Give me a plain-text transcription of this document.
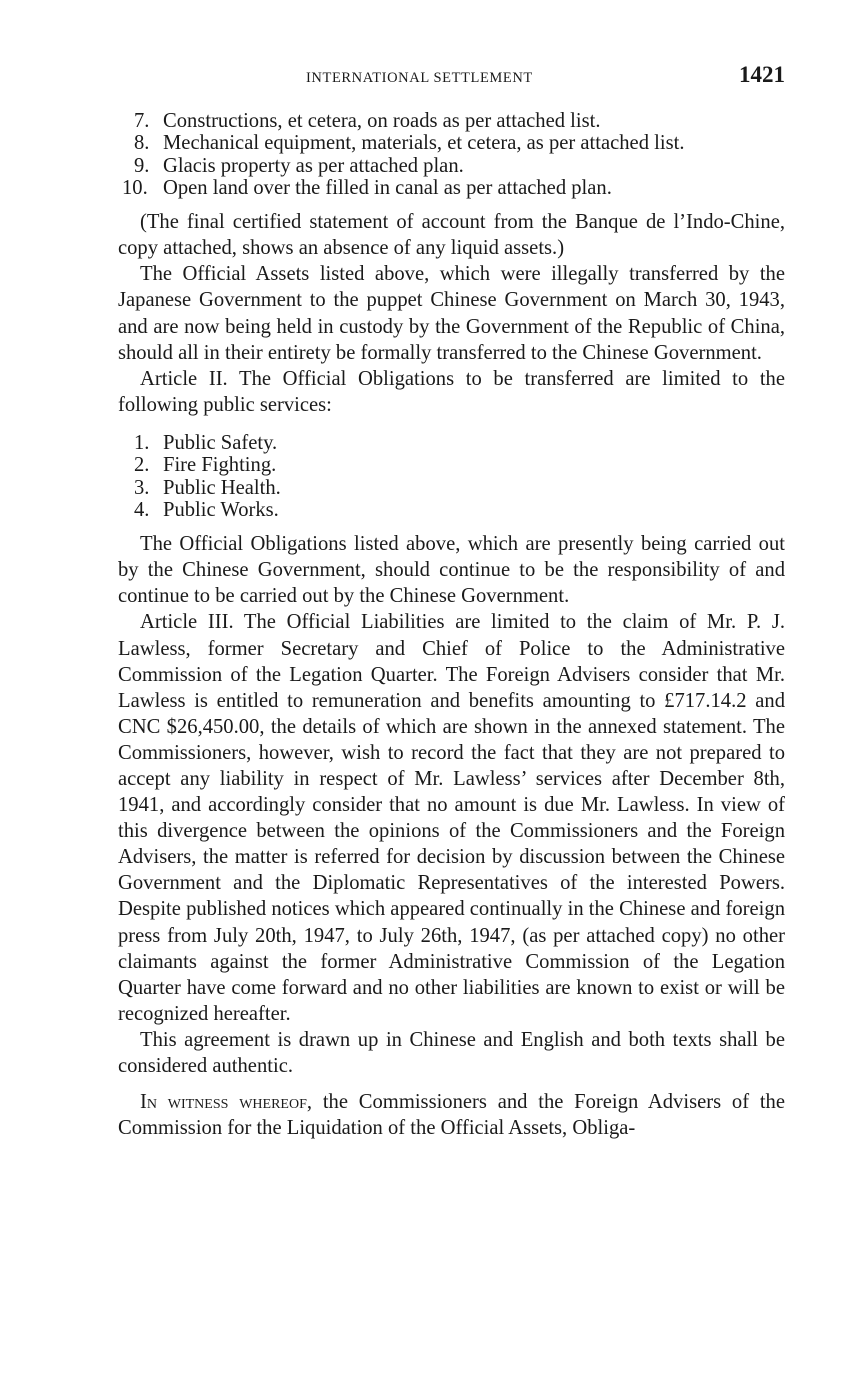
INTERNATIONAL SETTLEMENT	1421
7. Constructions, et cetera, on roads as per attached list.
8. Mechanical equipment, materials, et cetera, as per attached list.
9. Glacis property as per attached plan.
10. Open land over the filled in canal as per attached plan.

(The final certified statement of account from the Banque de l’Indo-Chine, copy attached, shows an absence of any liquid assets.)

The Official Assets listed above, which were illegally transferred by the Japanese Government to the puppet Chinese Government on March 30, 1943, and are now being held in custody by the Government of the Republic of China, should all in their entirety be formally transferred to the Chinese Government.

Article II. The Official Obligations to be transferred are limited to the following public services:

1. Public Safety.
2. Fire Fighting.
3. Public Health.
4. Public Works.

The Official Obligations listed above, which are presently being carried out by the Chinese Government, should continue to be the responsibility of and continue to be carried out by the Chinese Government.

Article III. The Official Liabilities are limited to the claim of Mr. P. J. Lawless, former Secretary and Chief of Police to the Administrative Commission of the Legation Quarter. The Foreign Advisers consider that Mr. Lawless is entitled to remuneration and benefits amounting to £717.14.2 and CNC $26,450.00, the details of which are shown in the annexed statement. The Commissioners, however, wish to record the fact that they are not prepared to accept any liability in respect of Mr. Lawless’ services after December 8th, 1941, and accordingly consider that no amount is due Mr. Lawless. In view of this divergence between the opinions of the Commissioners and the Foreign Advisers, the matter is referred for decision by discussion between the Chinese Government and the Diplomatic Representatives of the interested Powers. Despite published notices which appeared continually in the Chinese and foreign press from July 20th, 1947, to July 26th, 1947, (as per attached copy) no other claimants against the former Administrative Commission of the Legation Quarter have come forward and no other liabilities are known to exist or will be recognized hereafter.

This agreement is drawn up in Chinese and English and both texts shall be considered authentic.

In witness whereof, the Commissioners and the Foreign Advisers of the Commission for the Liquidation of the Official Assets, Obliga-
